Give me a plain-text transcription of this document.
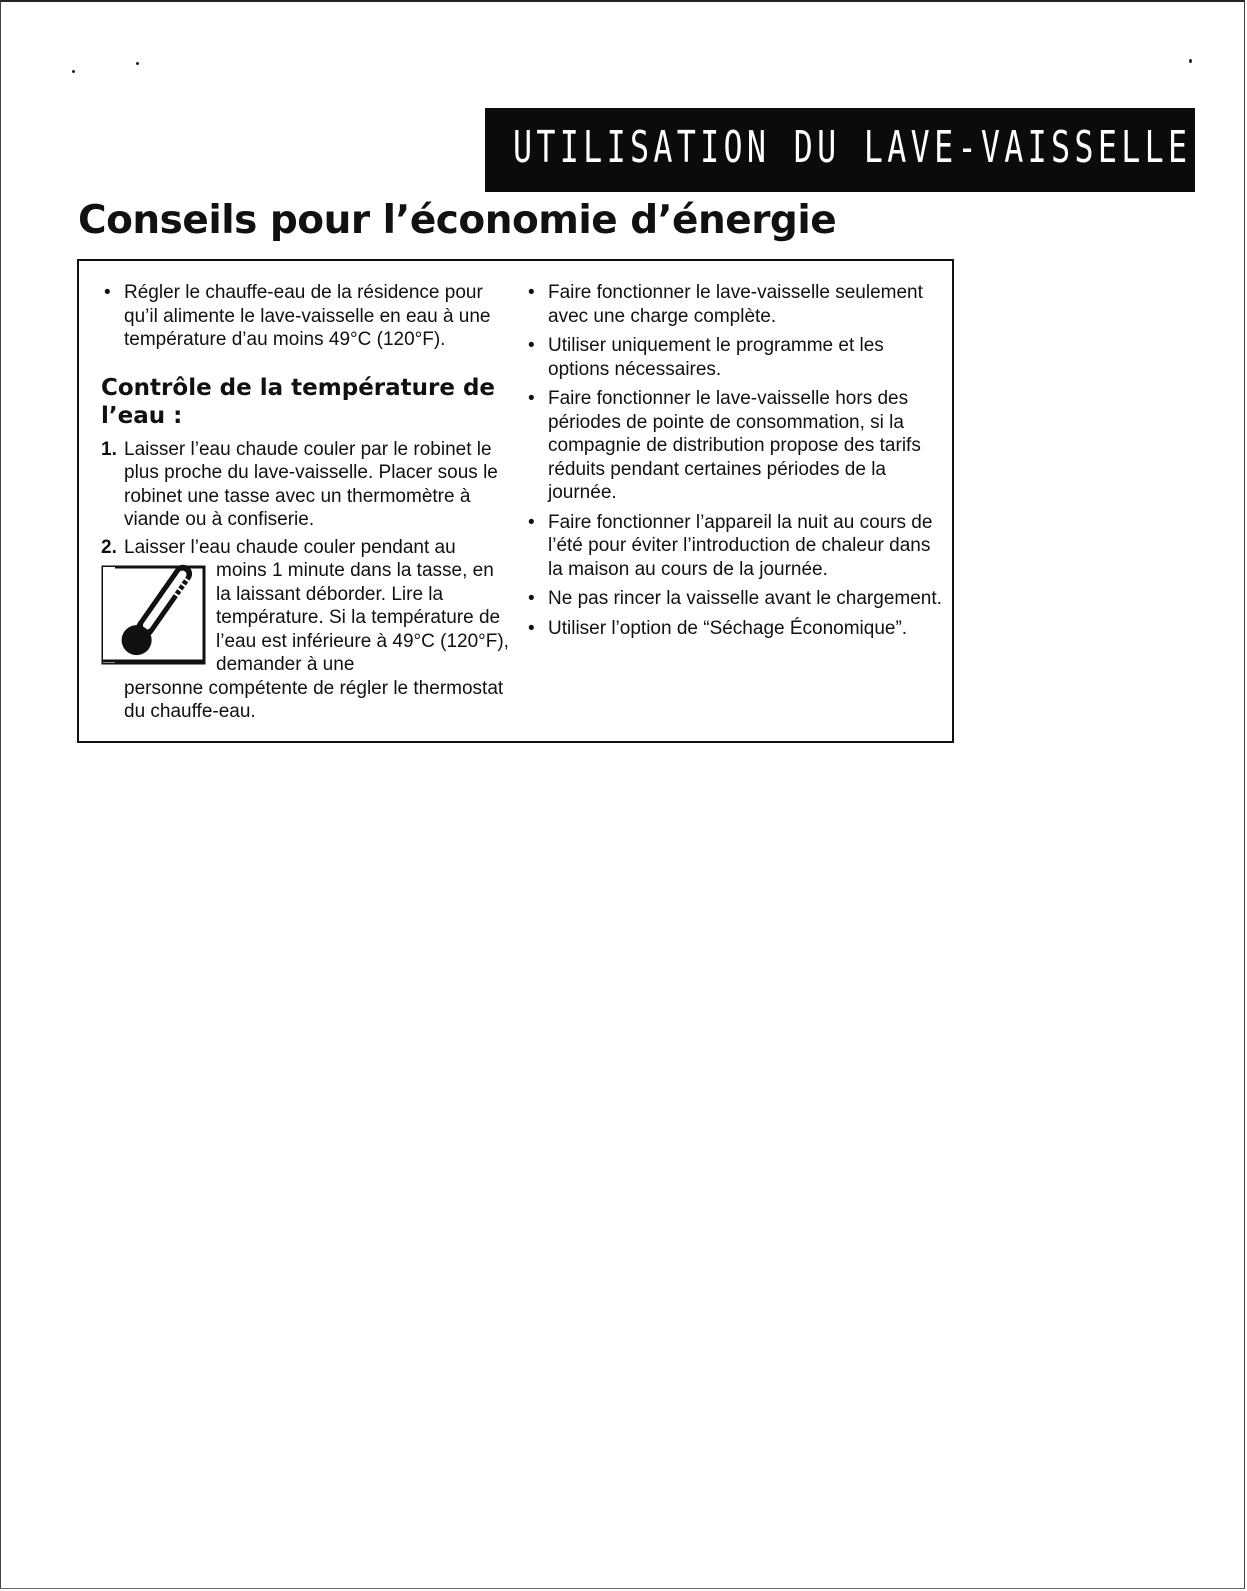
UTILISATION DU LAVE-VAISSELLE
Conseils pour l’économie d’énergie
• Régler le chauffe-eau de la résidence pour qu’il alimente le lave-vaisselle en eau à une température d’au moins 49°C (120°F).
Contrôle de la température de l’eau :
1. Laisser l’eau chaude couler par le robinet le plus proche du lave-vaisselle. Placer sous le robinet une tasse avec un thermomètre à viande ou à confiserie.
2. Laisser l’eau chaude couler pendant au
moins 1 minute dans la tasse, en la laissant déborder. Lire la température. Si la température de l’eau est inférieure à 49°C (120°F), demander à une
personne compétente de régler le thermostat du chauffe-eau.
• Faire fonctionner le lave-vaisselle seulement avec une charge complète.
• Utiliser uniquement le programme et les options nécessaires.
• Faire fonctionner le lave-vaisselle hors des périodes de pointe de consommation, si la compagnie de distribution propose des tarifs réduits pendant certaines périodes de la journée.
• Faire fonctionner l’appareil la nuit au cours de l’été pour éviter l’introduction de chaleur dans la maison au cours de la journée.
• Ne pas rincer la vaisselle avant le chargement.
• Utiliser l’option de “Séchage Économique”.
